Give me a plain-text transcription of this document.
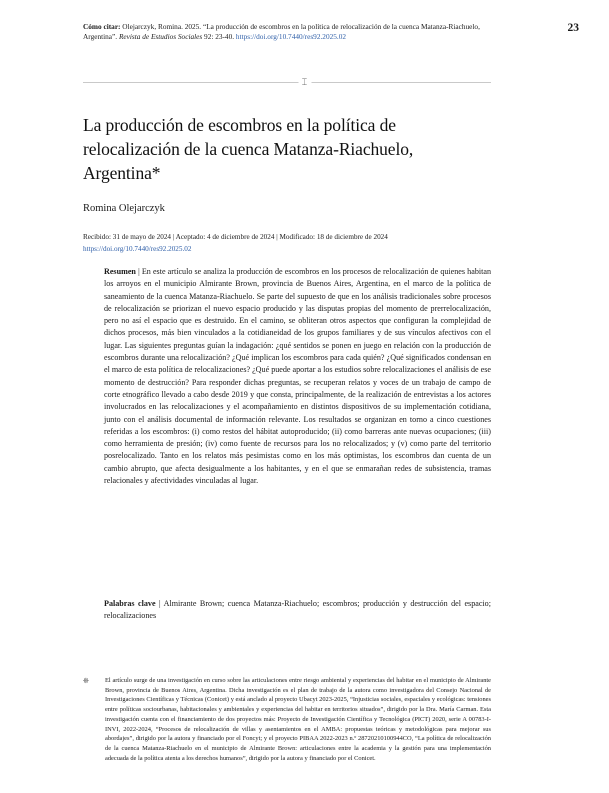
Cómo citar: Olejarczyk, Romina. 2025. “La producción de escombros en la política de relocalización de la cuenca Matanza-Riachuelo, Argentina”. Revista de Estudios Sociales 92: 23-40. https://doi.org/10.7440/res92.2025.02
23
⌶
La producción de escombros en la política de relocalización de la cuenca Matanza-Riachuelo, Argentina*
Romina Olejarczyk
Recibido: 31 de mayo de 2024 | Aceptado: 4 de diciembre de 2024 | Modificado: 18 de diciembre de 2024
https://doi.org/10.7440/res92.2025.02
Resumen | En este artículo se analiza la producción de escombros en los procesos de relocalización de quienes habitan los arroyos en el municipio Almirante Brown, provincia de Buenos Aires, Argentina, en el marco de la política de saneamiento de la cuenca Matanza-Riachuelo. Se parte del supuesto de que en los análisis tradicionales sobre procesos de relocalización se priorizan el nuevo espacio producido y las disputas propias del momento de prerrelocalización, pero no así el espacio que es destruido. En el camino, se obliteran otros aspectos que configuran la complejidad de dichos procesos, más bien vinculados a la cotidianeidad de los grupos familiares y de sus vínculos afectivos con el lugar. Las siguientes preguntas guían la indagación: ¿qué sentidos se ponen en juego en relación con la producción de escombros durante una relocalización? ¿Qué implican los escombros para cada quién? ¿Qué significados condensan en el marco de esta política de relocalizaciones? ¿Qué puede aportar a los estudios sobre relocalizaciones el análisis de ese momento de destrucción? Para responder dichas preguntas, se recuperan relatos y voces de un trabajo de campo de corte etnográfico llevado a cabo desde 2019 y que consta, principalmente, de la realización de entrevistas a los actores involucrados en las relocalizaciones y el acompañamiento en distintos dispositivos de su implementación cotidiana, junto con el análisis documental de información relevante. Los resultados se organizan en torno a cinco cuestiones referidas a los escombros: (i) como restos del hábitat autoproducido; (ii) como barreras ante nuevas ocupaciones; (iii) como herramienta de presión; (iv) como fuente de recursos para los no relocalizados; y (v) como parte del territorio posrelocalizado. Tanto en los relatos más pesimistas como en los más optimistas, los escombros dan cuenta de un cambio abrupto, que afecta desigualmente a los habitantes, y en el que se enmarañan redes de subsistencia, tramas relacionales y afectividades vinculadas al lugar.
Palabras clave | Almirante Brown; cuenca Matanza-Riachuelo; escombros; producción y destrucción del espacio; relocalizaciones
❊	El artículo surge de una investigación en curso sobre las articulaciones entre riesgo ambiental y experiencias del habitar en el municipio de Almirante Brown, provincia de Buenos Aires, Argentina. Dicha investigación es el plan de trabajo de la autora como investigadora del Consejo Nacional de Investigaciones Científicas y Técnicas (Conicet) y está anclado al proyecto Ubacyt 2023-2025, “Injusticias sociales, espaciales y ecológicas: tensiones entre políticas sociourbanas, habitacionales y ambientales y experiencias del habitar en territorios situados”, dirigido por la Dra. María Carman. Esta investigación cuenta con el financiamiento de dos proyectos más: Proyecto de Investigación Científica y Tecnológica (PICT) 2020, serie A 00783-I-INVI, 2022-2024, “Procesos de relocalización de villas y asentamientos en el AMBA: propuestas teóricas y metodológicas para mejorar sus abordajes”, dirigido por la autora y financiado por el Foncyt; y el proyecto PIBAA 2022-2023 n.º 28720210100944CO, “La política de relocalización de la cuenca Matanza-Riachuelo en el municipio de Almirante Brown: articulaciones entre la academia y la gestión para una implementación adecuada de la política atenta a los derechos humanos”, dirigido por la autora y financiado por el Conicet.
